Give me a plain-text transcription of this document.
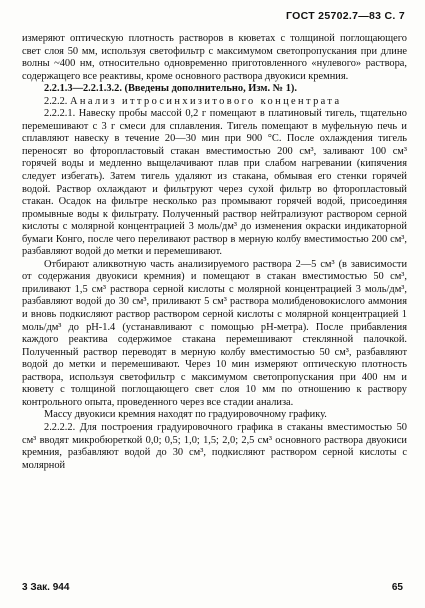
ГОСТ 25702.7—83 С. 7

измеряют оптическую плотность растворов в кюветах с толщиной поглощающего свет слоя 50 мм, используя светофильтр с максимумом светопропускания при длине волны ~400 нм, относительно одновременно приготовленного «нулевого» раствора, содержащего все реактивы, кроме основного раствора двуокиси кремния.

2.2.1.3—2.2.1.3.2. (Введены дополнительно, Изм. № 1).

2.2.2. Анализ иттросинхизитового концентрата

2.2.2.1. Навеску пробы массой 0,2 г помещают в платиновый тигель, тщательно перемешивают с 3 г смеси для сплавления. Тигель помещают в муфельную печь и сплавляют навеску в течение 20—30 мин при 900 °С. После охлаждения тигель переносят во фторопластовый стакан вместимостью 200 см³, заливают 100 см³ горячей воды и медленно выщелачивают плав при слабом нагревании (кипячения следует избегать). Затем тигель удаляют из стакана, обмывая его стенки горячей водой. Раствор охлаждают и фильтруют через сухой фильтр во фторопластовый стакан. Осадок на фильтре несколько раз промывают горячей водой, присоединяя промывные воды к фильтрату. Полученный раствор нейтрализуют раствором серной кислоты с молярной концентрацией 3 моль/дм³ до изменения окраски индикаторной бумаги Конго, после чего переливают раствор в мерную колбу вместимостью 200 см³, разбавляют водой до метки и перемешивают.

Отбирают аликвотную часть анализируемого раствора 2—5 см³ (в зависимости от содержания двуокиси кремния) и помещают в стакан вместимостью 50 см³, приливают 1,5 см³ раствора серной кислоты с молярной концентрацией 3 моль/дм³, разбавляют водой до 30 см³, приливают 5 см³ раствора молибденовокислого аммония и вновь подкисляют раствор раствором серной кислоты с молярной концентрацией 1 моль/дм³ до рН-1.4 (устанавливают с помощью рН-метра). После прибавления каждого реактива содержимое стакана перемешивают стеклянной палочкой. Полученный раствор переводят в мерную колбу вместимостью 50 см³, разбавляют водой до метки и перемешивают. Через 10 мин измеряют оптическую плотность раствора, используя светофильтр с максимумом светопропускания при 400 нм и кювету с толщиной поглощающего свет слоя 10 мм по отношению к раствору контрольного опыта, проведенного через все стадии анализа.

Массу двуокиси кремния находят по градуировочному графику.

2.2.2.2. Для построения градуировочного графика в стаканы вместимостью 50 см³ вводят микробюреткой 0,0; 0,5; 1,0; 1,5; 2,0; 2,5 см³ основного раствора двуокиси кремния, разбавляют водой до 30 см³, подкисляют раствором серной кислоты с молярной

3 Зак. 944	65
